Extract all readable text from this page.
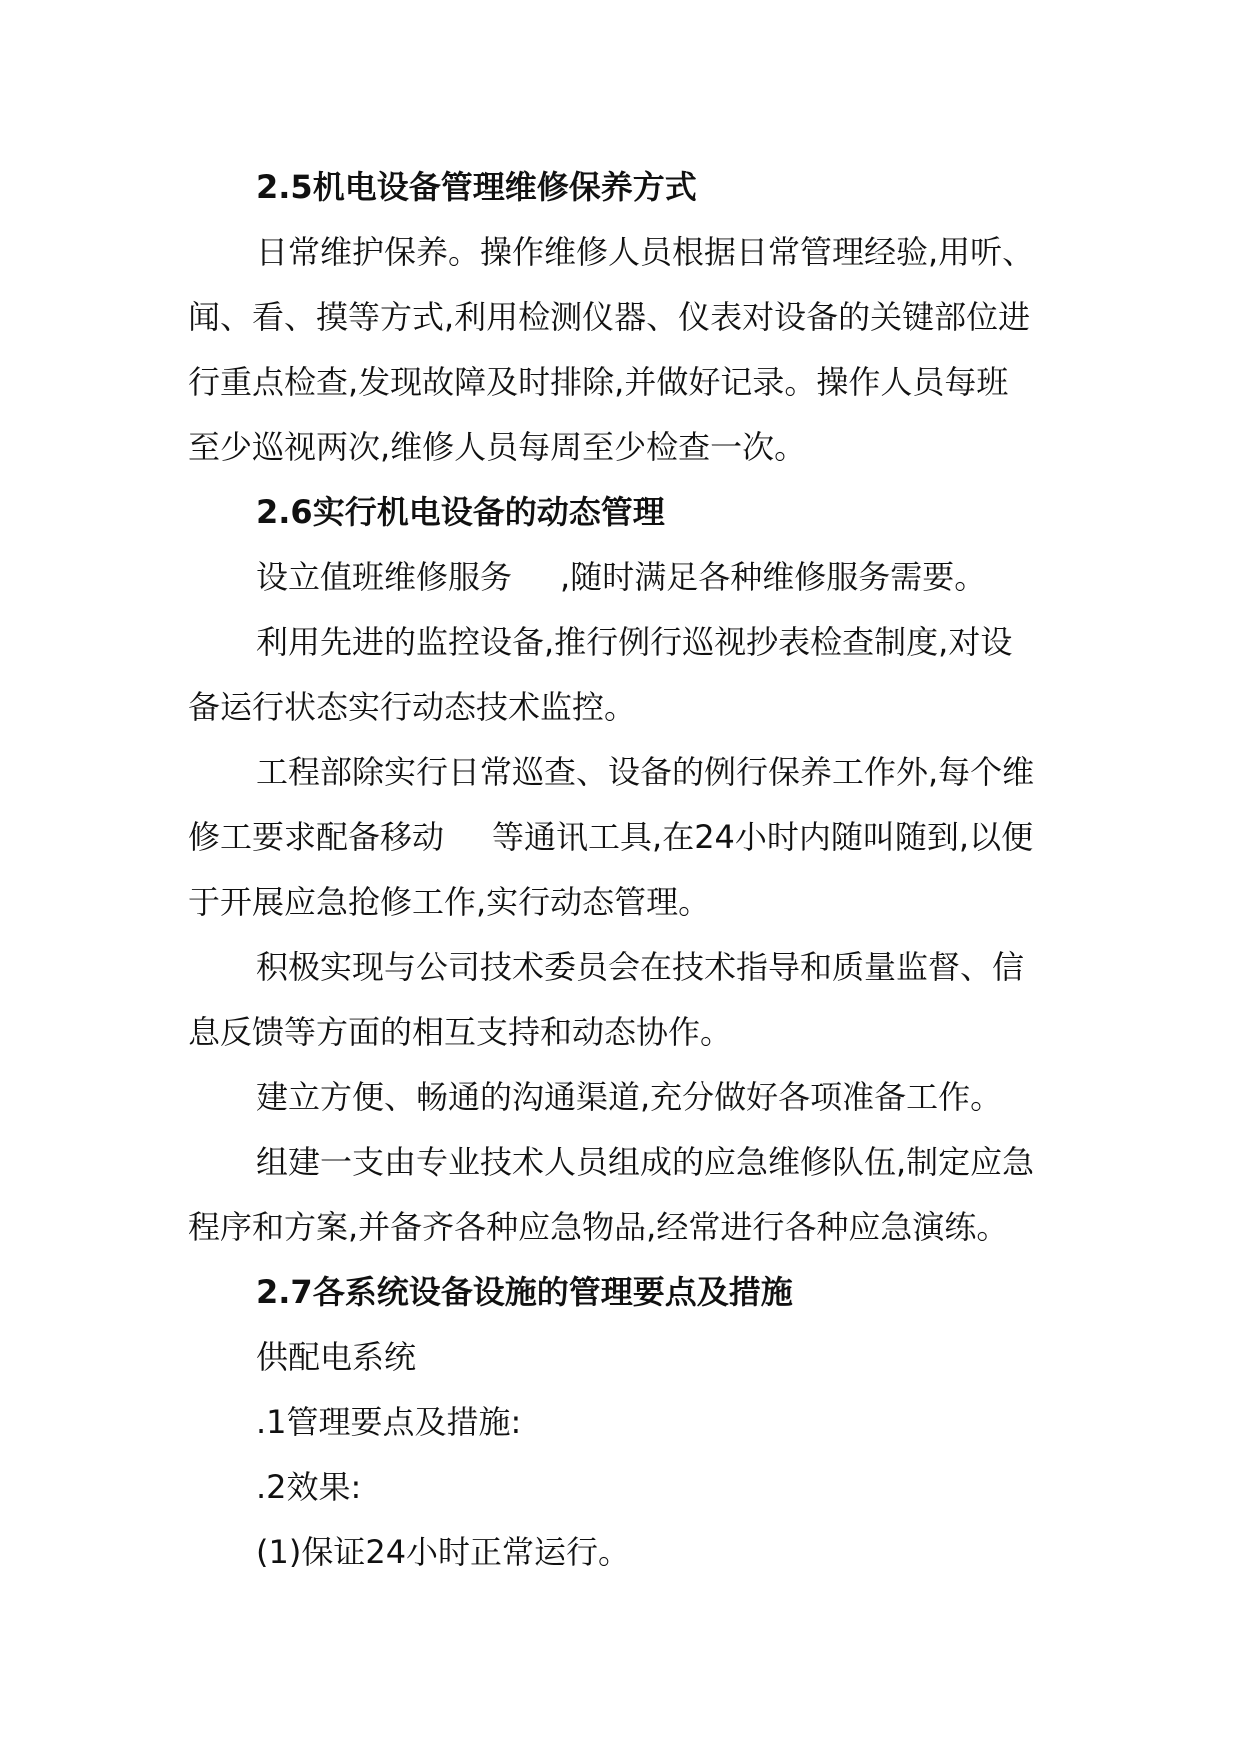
2.5机电设备管理维修保养方式
日常维护保养。操作维修人员根据日常管理经验,用听、
闻、看、摸等方式,利用检测仪器、仪表对设备的关键部位进
行重点检查,发现故障及时排除,并做好记录。操作人员每班
至少巡视两次,维修人员每周至少检查一次。
2.6实行机电设备的动态管理
设立值班维修服务 ,随时满足各种维修服务需要。
利用先进的监控设备,推行例行巡视抄表检查制度,对设
备运行状态实行动态技术监控。
工程部除实行日常巡查、设备的例行保养工作外,每个维
修工要求配备移动 等通讯工具,在24小时内随叫随到,以便
于开展应急抢修工作,实行动态管理。
积极实现与公司技术委员会在技术指导和质量监督、信
息反馈等方面的相互支持和动态协作。
建立方便、畅通的沟通渠道,充分做好各项准备工作。
组建一支由专业技术人员组成的应急维修队伍,制定应急
程序和方案,并备齐各种应急物品,经常进行各种应急演练。
2.7各系统设备设施的管理要点及措施
供配电系统
.1管理要点及措施:
.2效果:
(1)保证24小时正常运行。
